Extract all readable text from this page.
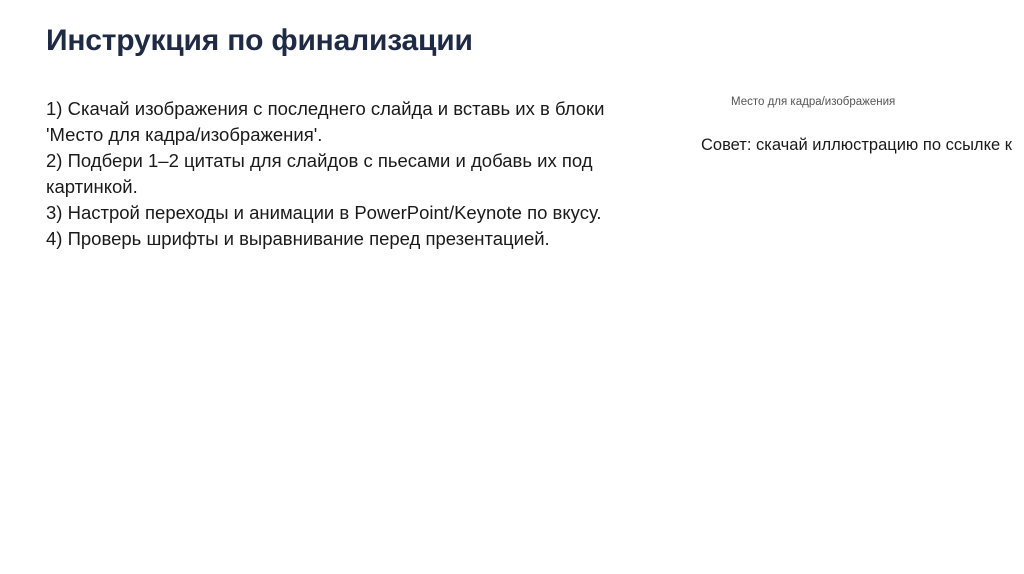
Инструкция по финализации

1) Скачай изображения с последнего слайда и вставь их в блоки 'Место для кадра/изображения'.

2) Подбери 1–2 цитаты для слайдов с пьесами и добавь их под картинкой.

3) Настрой переходы и анимации в PowerPoint/Keynote по вкусу.

4) Проверь шрифты и выравнивание перед презентацией.

Место для кадра/изображения
Совет: скачай иллюстрацию по ссылке к
